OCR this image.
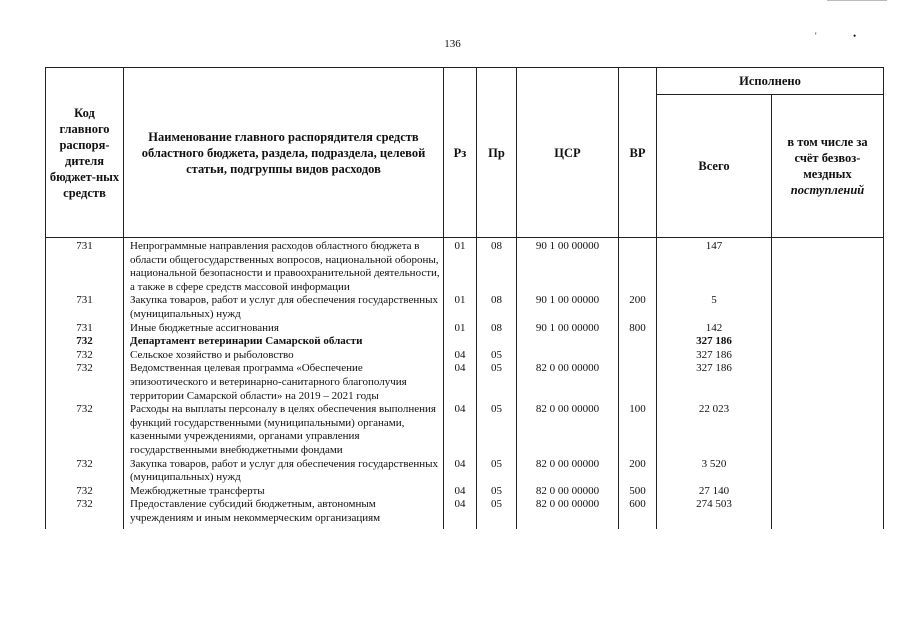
136
'	•
Код главного распоря-дителя бюджет-ных средств	Наименование главного распорядителя средств областного бюджета, раздела, подраздела, целевой статьи, подгруппы видов расходов	Рз	Пр	ЦСР	ВР	Исполнено	
						Всего	в том числе за счёт безвоз-мездных поступлений
731	Непрограммные направления расходов областного бюджета в области общегосударственных вопросов, национальной обороны, национальной безопасности и правоохранительной деятельности, а также в сфере средств массовой информации	01	08	90 1 00 00000		147	
731	Закупка товаров, работ и услуг для обеспечения государственных (муниципальных) нужд	01	08	90 1 00 00000	200	5	
731	Иные бюджетные ассигнования	01	08	90 1 00 00000	800	142	
732	Департамент ветеринарии Самарской области					327 186	
732	Сельское хозяйство и рыболовство	04	05			327 186	
732	Ведомственная целевая программа «Обеспечение эпизоотического и ветеринарно-санитарного благополучия территории Самарской области» на 2019 – 2021 годы	04	05	82 0 00 00000		327 186	
732	Расходы на выплаты персоналу в целях обеспечения выполнения функций государственными (муниципальными) органами, казенными учреждениями, органами управления государственными внебюджетными фондами	04	05	82 0 00 00000	100	22 023	
732	Закупка товаров, работ и услуг для обеспечения государственных (муниципальных) нужд	04	05	82 0 00 00000	200	3 520	
732	Межбюджетные трансферты	04	05	82 0 00 00000	500	27 140	
732	Предоставление субсидий бюджетным, автономным учреждениям и иным некоммерческим организациям	04	05	82 0 00 00000	600	274 503	
